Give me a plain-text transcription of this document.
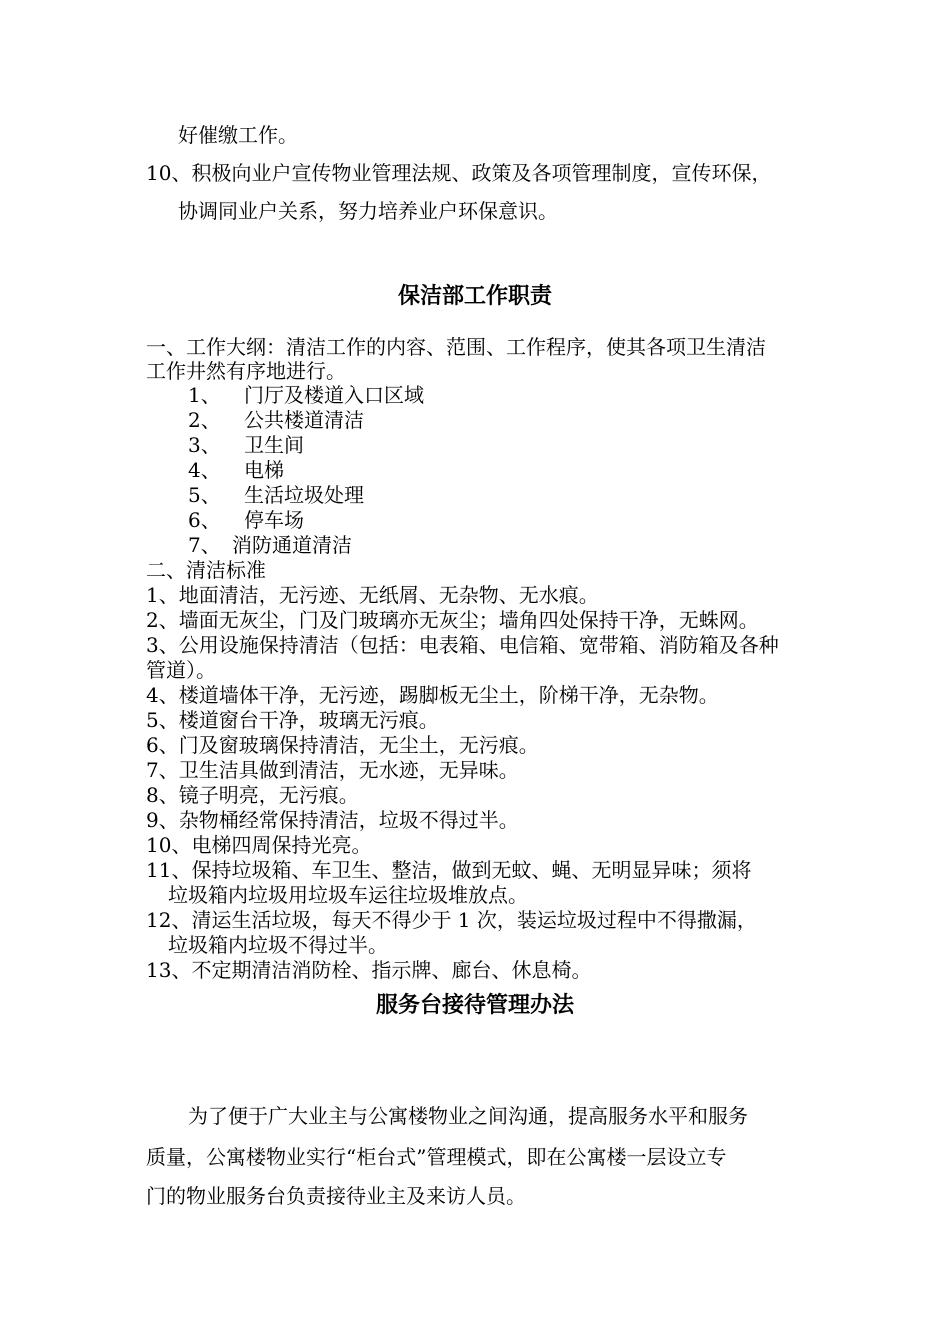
好催缴工作。
10、积极向业户宣传物业管理法规、政策及各项管理制度，宣传环保，
协调同业户关系，努力培养业户环保意识。
保洁部工作职责
一、工作大纲：清洁工作的内容、范围、工作程序，使其各项卫生清洁
工作井然有序地进行。
1、 门厅及楼道入口区域
2、 公共楼道清洁
3、 卫生间
4、 电梯
5、 生活垃圾处理
6、 停车场
7、 消防通道清洁
二、清洁标准
1、地面清洁，无污迹、无纸屑、无杂物、无水痕。
2、墙面无灰尘，门及门玻璃亦无灰尘；墙角四处保持干净，无蛛网。
3、公用设施保持清洁（包括：电表箱、电信箱、宽带箱、消防箱及各种
管道）。
4、楼道墙体干净，无污迹，踢脚板无尘土，阶梯干净，无杂物。
5、楼道窗台干净，玻璃无污痕。
6、门及窗玻璃保持清洁，无尘土，无污痕。
7、卫生洁具做到清洁，无水迹，无异味。
8、镜子明亮，无污痕。
9、杂物桶经常保持清洁，垃圾不得过半。
10、电梯四周保持光亮。
11、保持垃圾箱、车卫生、整洁，做到无蚊、蝇、无明显异味；须将
垃圾箱内垃圾用垃圾车运往垃圾堆放点。
12、清运生活垃圾，每天不得少于 1 次，装运垃圾过程中不得撒漏，
垃圾箱内垃圾不得过半。
13、不定期清洁消防栓、指示牌、廊台、休息椅。
服务台接待管理办法
为了便于广大业主与公寓楼物业之间沟通，提高服务水平和服务
质量，公寓楼物业实行“柜台式”管理模式，即在公寓楼一层设立专
门的物业服务台负责接待业主及来访人员。
